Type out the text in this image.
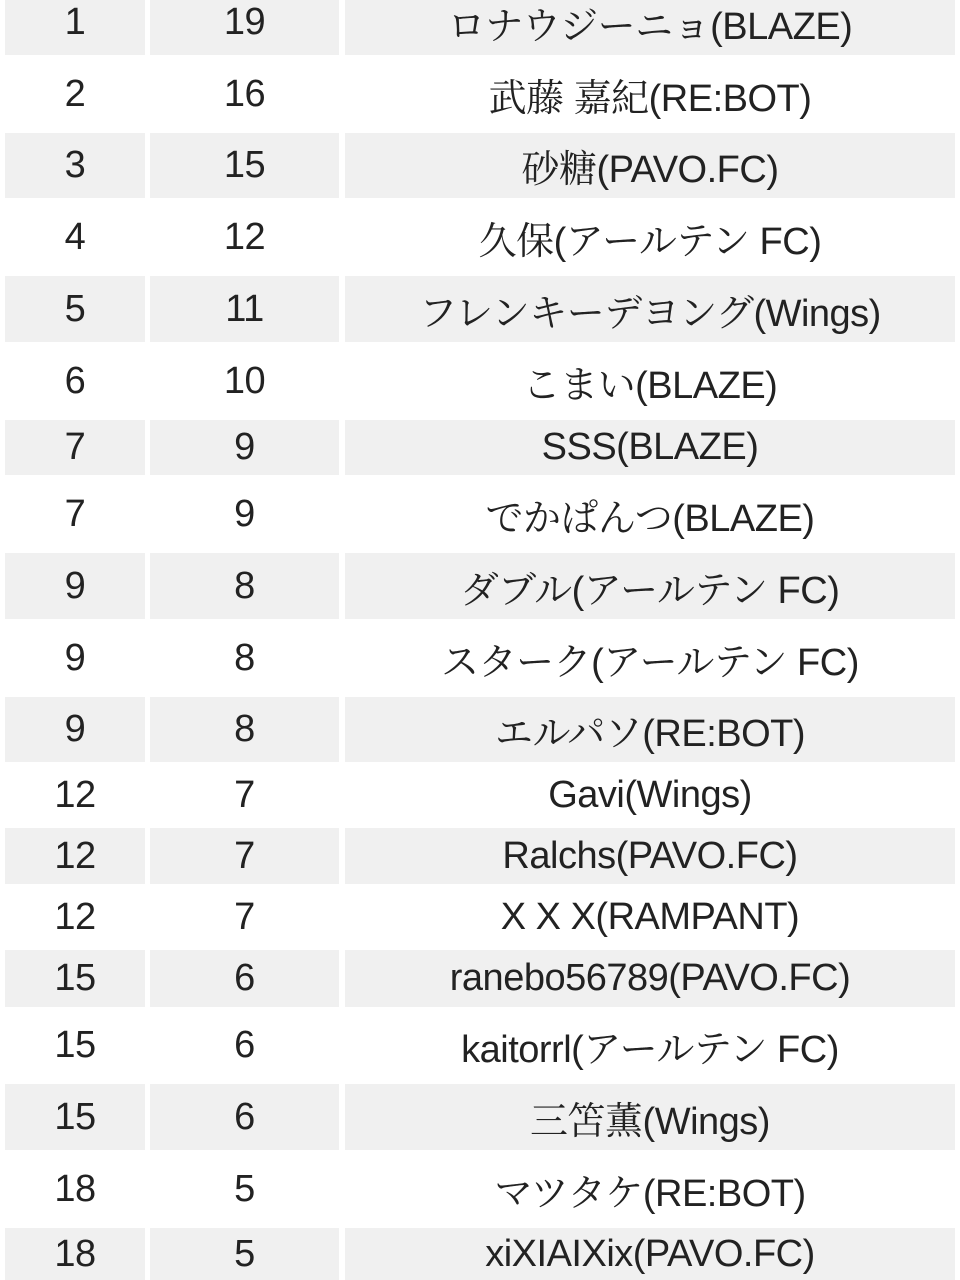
1	19	ロナウジーニョ(BLAZE)
2	16	武藤 嘉紀(RE:BOT)
3	15	砂糖(PAVO.FC)
4	12	久保(アールテン FC)
5	11	フレンキーデヨング(Wings)
6	10	こまい(BLAZE)
7	9	SSS(BLAZE)
7	9	でかぱんつ(BLAZE)
9	8	ダブル(アールテン FC)
9	8	スターク(アールテン FC)
9	8	エルパソ(RE:BOT)
12	7	Gavi(Wings)
12	7	Ralchs(PAVO.FC)
12	7	X X X(RAMPANT)
15	6	ranebo56789(PAVO.FC)
15	6	kaitorrl(アールテン FC)
15	6	三笘薫(Wings)
18	5	マツタケ(RE:BOT)
18	5	xiXIAIXix(PAVO.FC)
